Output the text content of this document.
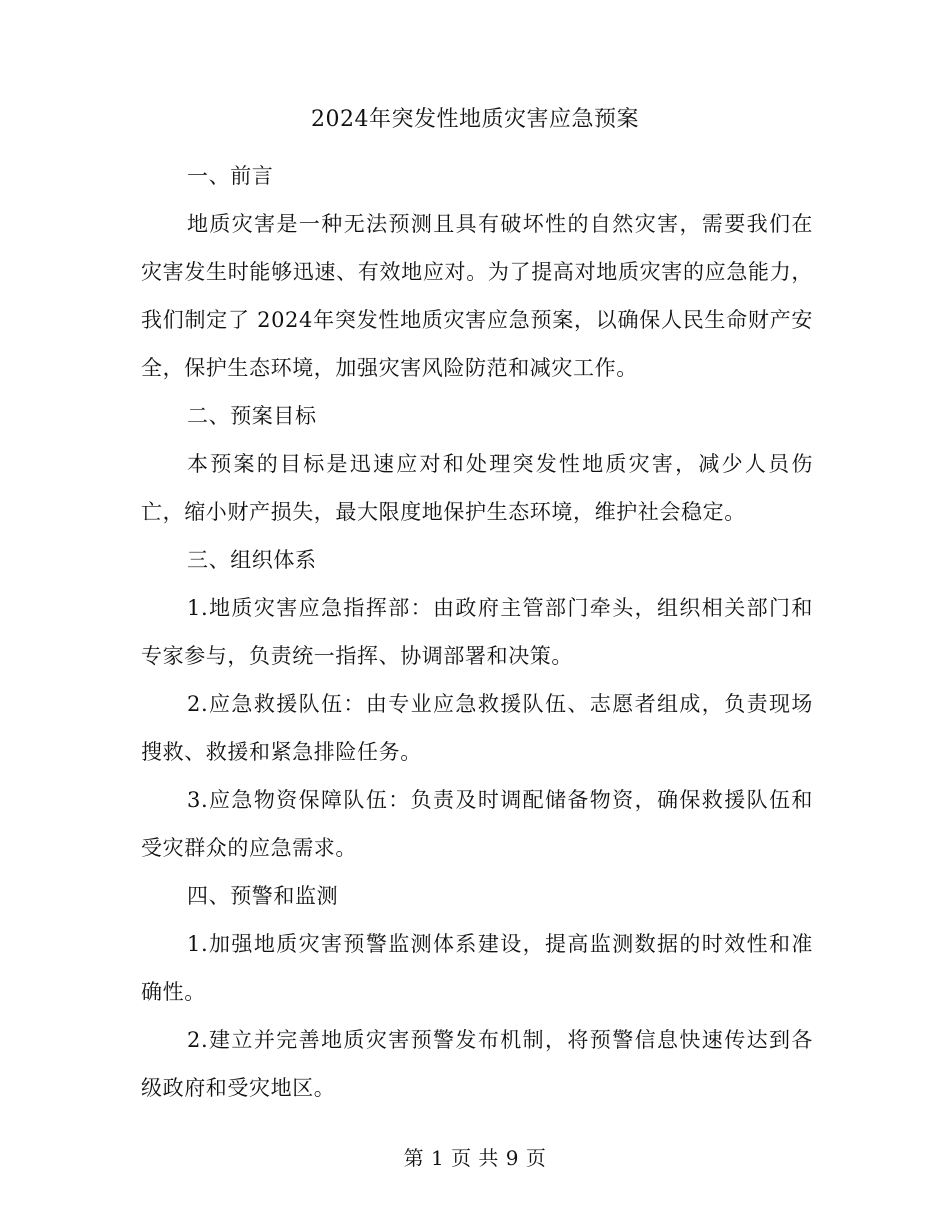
2024年突发性地质灾害应急预案

一、前言

地质灾害是一种无法预测且具有破坏性的自然灾害，需要我们在灾害发生时能够迅速、有效地应对。为了提高对地质灾害的应急能力，我们制定了 2024年突发性地质灾害应急预案，以确保人民生命财产安全，保护生态环境，加强灾害风险防范和减灾工作。

二、预案目标

本预案的目标是迅速应对和处理突发性地质灾害，减少人员伤亡，缩小财产损失，最大限度地保护生态环境，维护社会稳定。

三、组织体系

1.地质灾害应急指挥部：由政府主管部门牵头，组织相关部门和专家参与，负责统一指挥、协调部署和决策。

2.应急救援队伍：由专业应急救援队伍、志愿者组成，负责现场搜救、救援和紧急排险任务。

3.应急物资保障队伍：负责及时调配储备物资，确保救援队伍和受灾群众的应急需求。

四、预警和监测

1.加强地质灾害预警监测体系建设，提高监测数据的时效性和准确性。

2.建立并完善地质灾害预警发布机制，将预警信息快速传达到各级政府和受灾地区。

第 1 页 共 9 页
